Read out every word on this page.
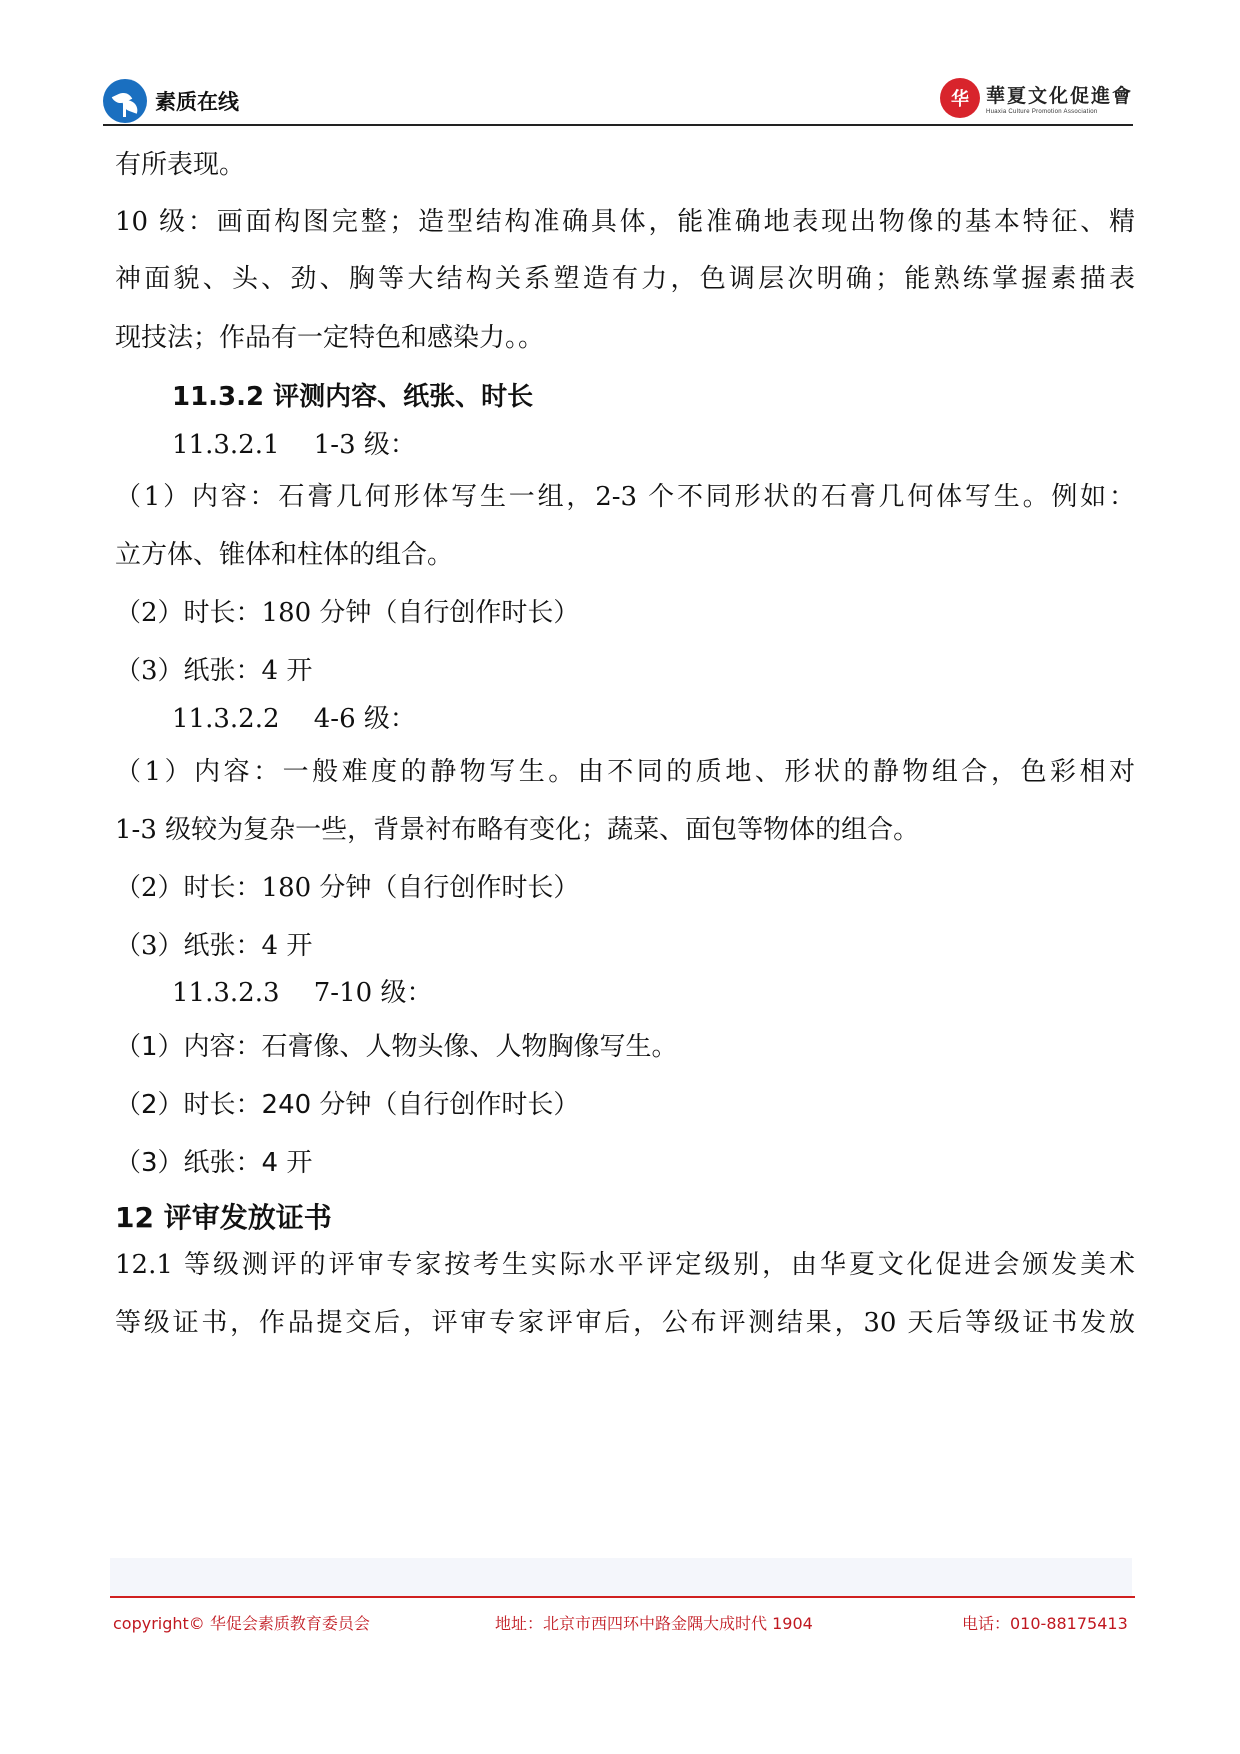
素质在线	华 華夏文化促進會
Huaxia Culture Promotion Association
有所表现。
10 级：画面构图完整；造型结构准确具体，能准确地表现出物像的基本特征、精
神面貌、头、劲、胸等大结构关系塑造有力，色调层次明确；能熟练掌握素描表
现技法；作品有一定特色和感染力。。
11.3.2 评测内容、纸张、时长
11.3.2.1　 1-3 级：
（1）内容：石膏几何形体写生一组，2-3 个不同形状的石膏几何体写生。例如：
立方体、锥体和柱体的组合。
（2）时长：180 分钟（自行创作时长）
（3）纸张：4 开
11.3.2.2　 4-6 级：
（1）内容：一般难度的静物写生。由不同的质地、形状的静物组合，色彩相对
1-3 级较为复杂一些，背景衬布略有变化；蔬菜、面包等物体的组合。
（2）时长：180 分钟（自行创作时长）
（3）纸张：4 开
11.3.2.3　 7-10 级：
（1）内容：石膏像、人物头像、人物胸像写生。
（2）时长：240 分钟（自行创作时长）
（3）纸张：4 开
12 评审发放证书
12.1 等级测评的评审专家按考生实际水平评定级别，由华夏文化促进会颁发美术
等级证书，作品提交后，评审专家评审后，公布评测结果，30 天后等级证书发放
copyright© 华促会素质教育委员会	地址：北京市西四环中路金隅大成时代 1904	电话：010-88175413
